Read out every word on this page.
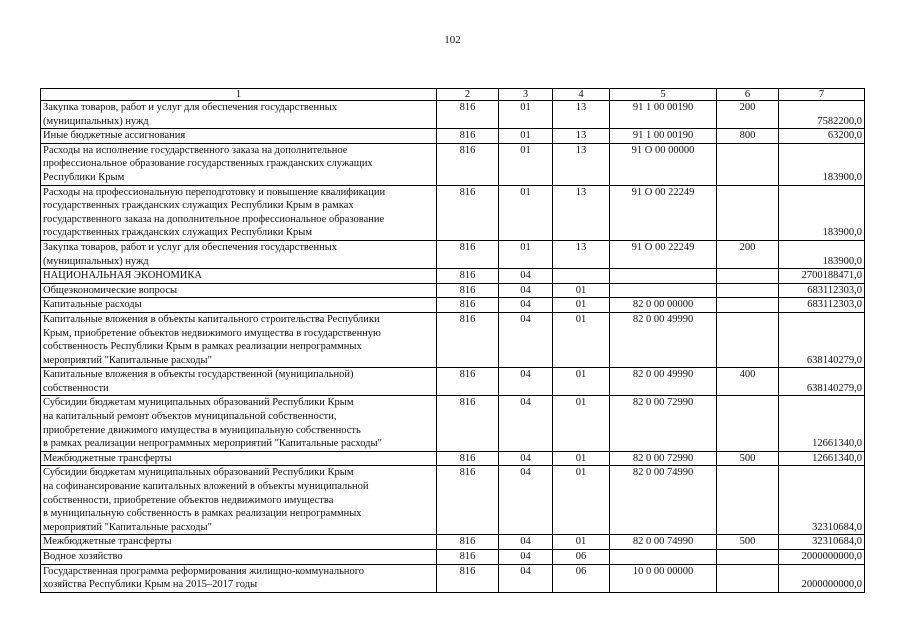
102
1	2	3	4	5	6	7
Закупка товаров, работ и услуг для обеспечения государственных
(муниципальных) нужд	816	01	13	91 1 00 00190	200	7582200,0
Иные бюджетные ассигнования	816	01	13	91 1 00 00190	800	63200,0
Расходы на исполнение государственного заказа на дополнительное
профессиональное образование государственных гражданских служащих
Республики Крым	816	01	13	91 О 00 00000		183900,0
Расходы на профессиональную переподготовку и повышение квалификации
государственных гражданских служащих Республики Крым в рамках
государственного заказа на дополнительное профессиональное образование
государственных гражданских служащих Республики Крым	816	01	13	91 О 00 22249		183900,0
Закупка товаров, работ и услуг для обеспечения государственных
(муниципальных) нужд	816	01	13	91 О 00 22249	200	183900,0
НАЦИОНАЛЬНАЯ ЭКОНОМИКА	816	04				2700188471,0
Общеэкономические вопросы	816	04	01			683112303,0
Капитальные расходы	816	04	01	82 0 00 00000		683112303,0
Капитальные вложения в объекты капитального строительства Республики
Крым, приобретение объектов недвижимого имущества в государственную
собственность Республики Крым в рамках реализации непрограммных
мероприятий "Капитальные расходы"	816	04	01	82 0 00 49990		638140279,0
Капитальные вложения в объекты государственной (муниципальной)
собственности	816	04	01	82 0 00 49990	400	638140279,0
Субсидии бюджетам муниципальных образований Республики Крым
на капитальный ремонт объектов муниципальной собственности,
приобретение движимого имущества в муниципальную собственность
в рамках реализации непрограммных мероприятий "Капитальные расходы"	816	04	01	82 0 00 72990		12661340,0
Межбюджетные трансферты	816	04	01	82 0 00 72990	500	12661340,0
Субсидии бюджетам муниципальных образований Республики Крым
на софинансирование капитальных вложений в объекты муниципальной
собственности, приобретение объектов недвижимого имущества
в муниципальную собственность в рамках реализации непрограммных
мероприятий "Капитальные расходы"	816	04	01	82 0 00 74990		32310684,0
Межбюджетные трансферты	816	04	01	82 0 00 74990	500	32310684,0
Водное хозяйство	816	04	06			2000000000,0
Государственная программа реформирования жилищно-коммунального
хозяйства Республики Крым на 2015–2017 годы	816	04	06	10 0 00 00000		2000000000,0
